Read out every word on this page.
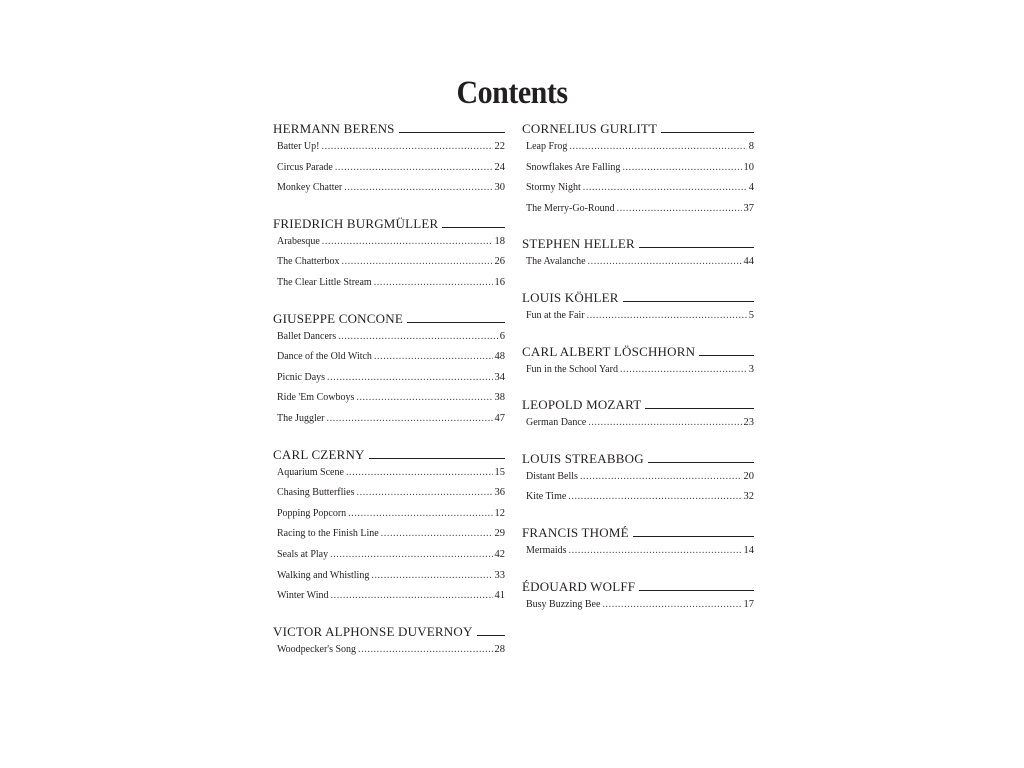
Contents
HERMANN BERENS
Batter Up! .....	22
Circus Parade .....	24
Monkey Chatter .....	30
FRIEDRICH BURGMÜLLER
Arabesque .....	18
The Chatterbox .....	26
The Clear Little Stream .....	16
GIUSEPPE CONCONE
Ballet Dancers .....	6
Dance of the Old Witch .....	48
Picnic Days .....	34
Ride 'Em Cowboys .....	38
The Juggler .....	47
CARL CZERNY
Aquarium Scene .....	15
Chasing Butterflies .....	36
Popping Popcorn .....	12
Racing to the Finish Line .....	29
Seals at Play .....	42
Walking and Whistling .....	33
Winter Wind .....	41
VICTOR ALPHONSE DUVERNOY
Woodpecker's Song .....	28
CORNELIUS GURLITT
Leap Frog .....	8
Snowflakes Are Falling .....	10
Stormy Night .....	4
The Merry-Go-Round .....	37
STEPHEN HELLER
The Avalanche .....	44
LOUIS KÖHLER
Fun at the Fair .....	5
CARL ALBERT LÖSCHHORN
Fun in the School Yard .....	3
LEOPOLD MOZART
German Dance .....	23
LOUIS STREABBOG
Distant Bells .....	20
Kite Time .....	32
FRANCIS THOMÉ
Mermaids .....	14
ÉDOUARD WOLFF
Busy Buzzing Bee .....	17
